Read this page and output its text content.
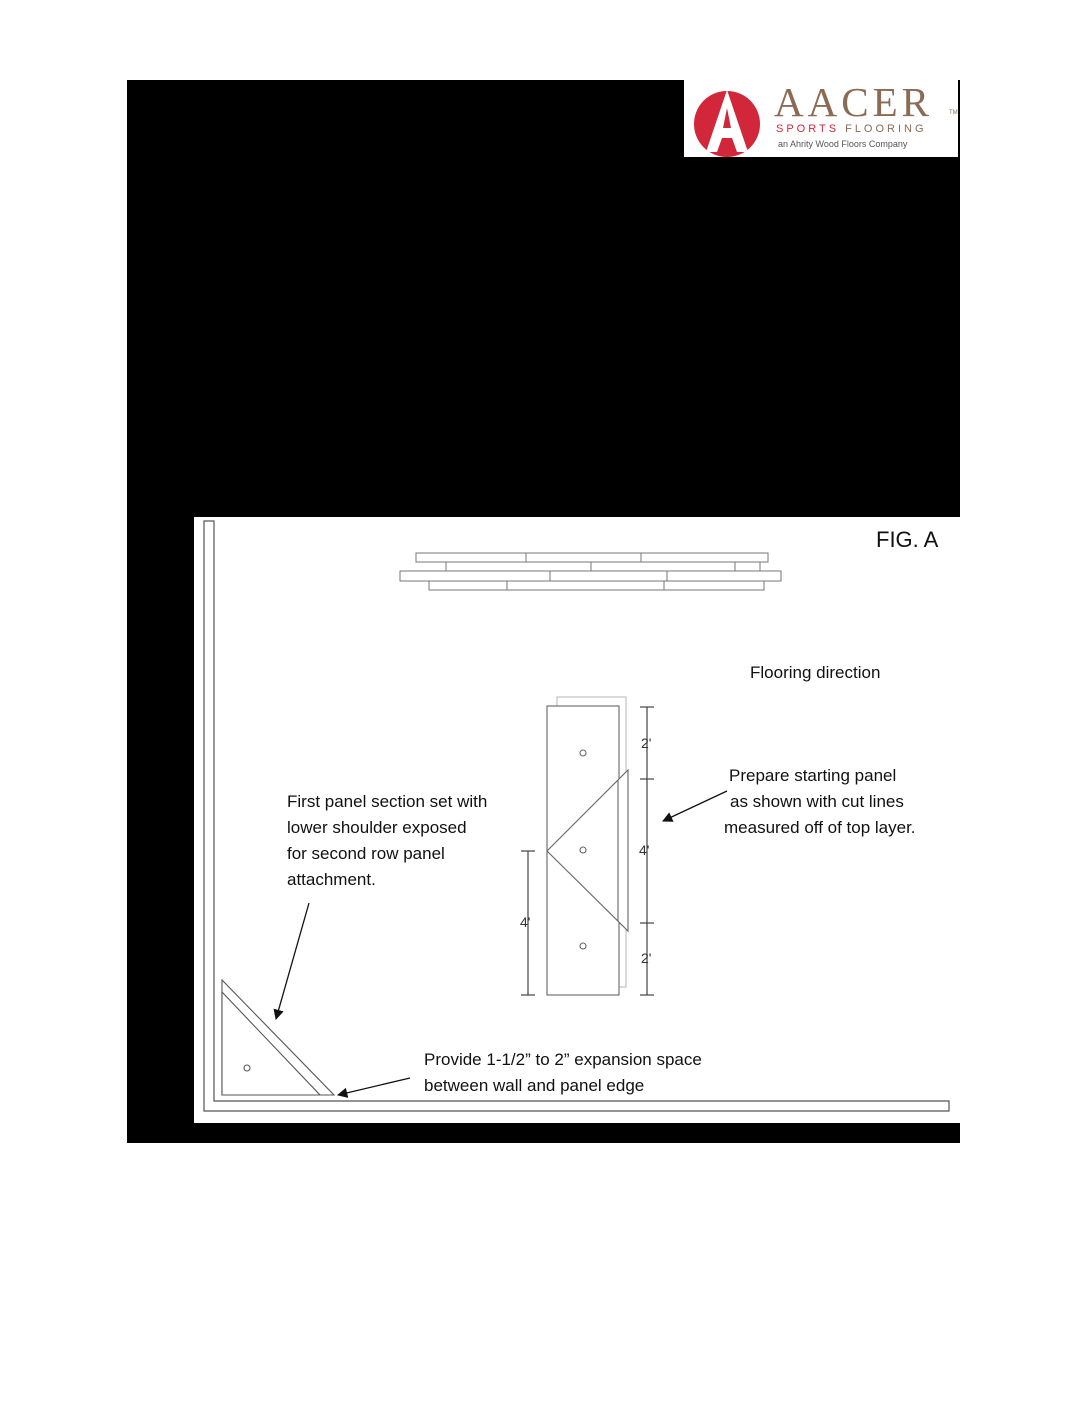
AACER	TM
SPORTS FLOORING
an Ahrity Wood Floors Company
FIG. A
Flooring direction
Prepare starting panel
as shown with cut lines
measured off of top layer.
First panel section set with
lower shoulder exposed
for second row panel
attachment.
Provide 1-1/2” to 2” expansion space
between wall and panel edge
2'
4'
2'
4'
